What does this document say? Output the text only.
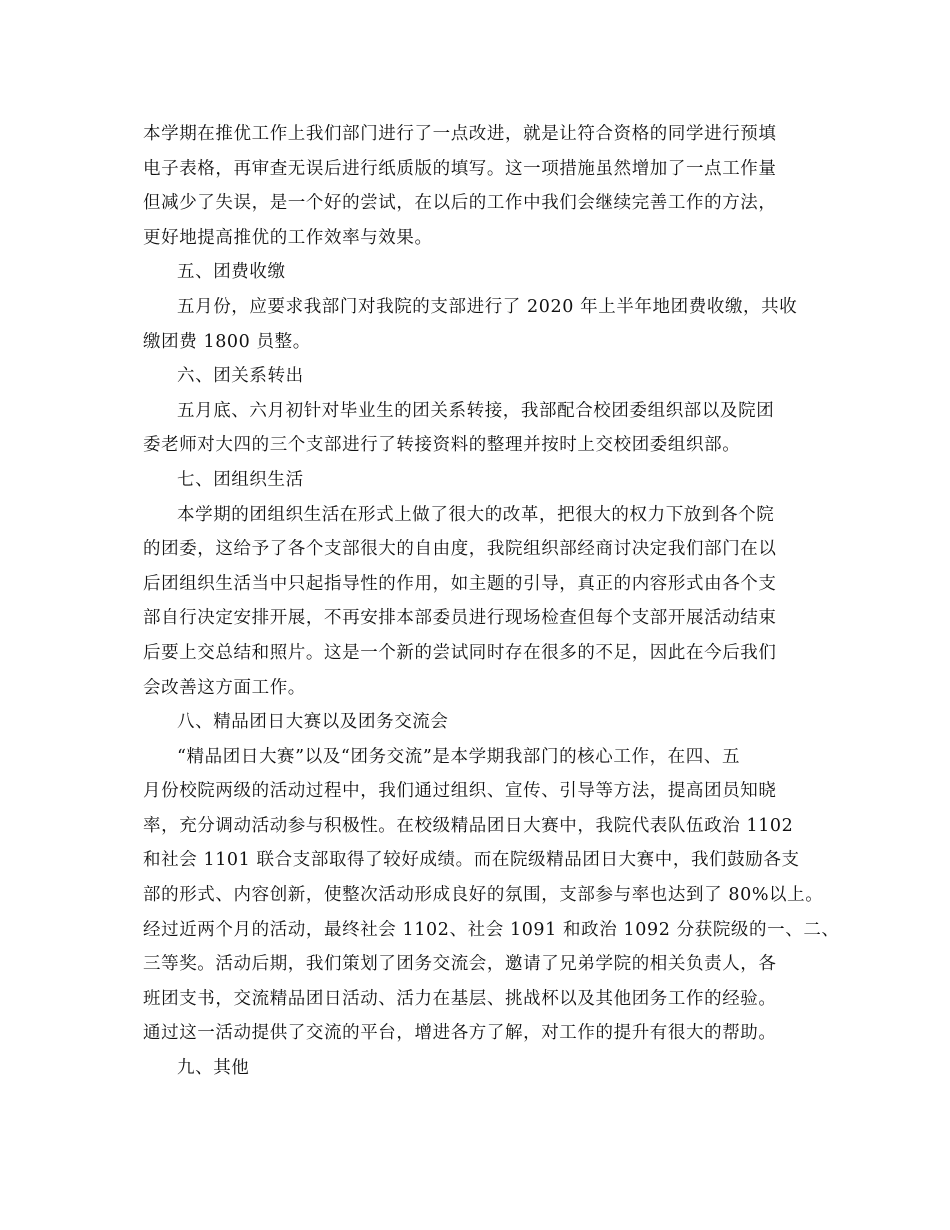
本学期在推优工作上我们部门进行了一点改进，就是让符合资格的同学进行预填
电子表格，再审查无误后进行纸质版的填写。这一项措施虽然增加了一点工作量
但减少了失误，是一个好的尝试，在以后的工作中我们会继续完善工作的方法，
更好地提高推优的工作效率与效果。
五、团费收缴
五月份，应要求我部门对我院的支部进行了 2020 年上半年地团费收缴，共收
缴团费 1800 员整。
六、团关系转出
五月底、六月初针对毕业生的团关系转接，我部配合校团委组织部以及院团
委老师对大四的三个支部进行了转接资料的整理并按时上交校团委组织部。
七、团组织生活
本学期的团组织生活在形式上做了很大的改革，把很大的权力下放到各个院
的团委，这给予了各个支部很大的自由度，我院组织部经商讨决定我们部门在以
后团组织生活当中只起指导性的作用，如主题的引导，真正的内容形式由各个支
部自行决定安排开展，不再安排本部委员进行现场检查但每个支部开展活动结束
后要上交总结和照片。这是一个新的尝试同时存在很多的不足，因此在今后我们
会改善这方面工作。
八、精品团日大赛以及团务交流会
“精品团日大赛”以及“团务交流”是本学期我部门的核心工作，在四、五
月份校院两级的活动过程中，我们通过组织、宣传、引导等方法，提高团员知晓
率，充分调动活动参与积极性。在校级精品团日大赛中，我院代表队伍政治 1102
和社会 1101 联合支部取得了较好成绩。而在院级精品团日大赛中，我们鼓励各支
部的形式、内容创新，使整次活动形成良好的氛围，支部参与率也达到了 80%以上。
经过近两个月的活动，最终社会 1102、社会 1091 和政治 1092 分获院级的一、二、
三等奖。活动后期，我们策划了团务交流会，邀请了兄弟学院的相关负责人，各
班团支书，交流精品团日活动、活力在基层、挑战杯以及其他团务工作的经验。
通过这一活动提供了交流的平台，增进各方了解，对工作的提升有很大的帮助。
九、其他
